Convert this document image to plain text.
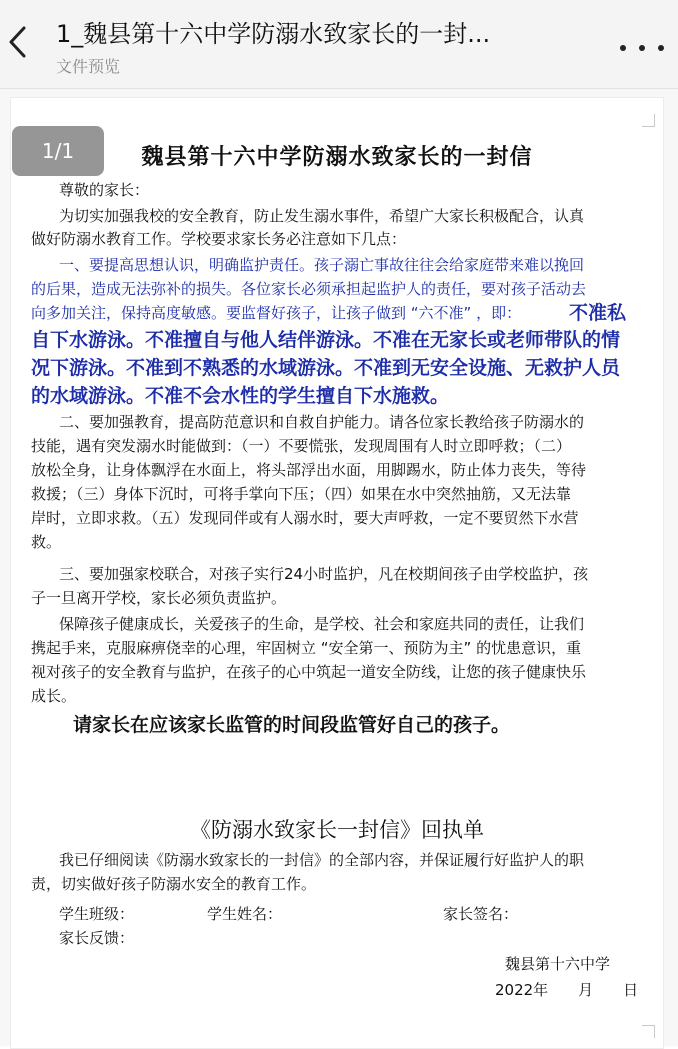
1_魏县第十六中学防溺水致家长的一封...
文件预览
1/1	魏县第十六中学防溺水致家长的一封信
尊敬的家长：
为切实加强我校的安全教育，防止发生溺水事件，希望广大家长积极配合，认真
做好防溺水教育工作。学校要求家长务必注意如下几点：
一、要提高思想认识，明确监护责任。孩子溺亡事故往往会给家庭带来难以挽回
的后果，造成无法弥补的损失。各位家长必须承担起监护人的责任，要对孩子活动去
向多加关注，保持高度敏感。要监督好孩子，让孩子做到 “六不准” ，即：	不准私
自下水游泳。不准擅自与他人结伴游泳。不准在无家长或老师带队的情
况下游泳。不准到不熟悉的水域游泳。不准到无安全设施、无救护人员
的水域游泳。不准不会水性的学生擅自下水施救。
二、要加强教育，提高防范意识和自救自护能力。请各位家长教给孩子防溺水的
技能，遇有突发溺水时能做到：（一）不要慌张，发现周围有人时立即呼救；（二）
放松全身，让身体飘浮在水面上，将头部浮出水面，用脚踢水，防止体力丧失，等待
救援；（三）身体下沉时，可将手掌向下压；（四）如果在水中突然抽筋，又无法靠
岸时，立即求救。（五）发现同伴或有人溺水时，要大声呼救，一定不要贸然下水营
救。
三、要加强家校联合，对孩子实行24小时监护，凡在校期间孩子由学校监护，孩
子一旦离开学校，家长必须负责监护。
保障孩子健康成长，关爱孩子的生命，是学校、社会和家庭共同的责任，让我们
携起手来，克服麻痹侥幸的心理，牢固树立 “安全第一、预防为主” 的忧患意识，重
视对孩子的安全教育与监护，在孩子的心中筑起一道安全防线，让您的孩子健康快乐
成长。
请家长在应该家长监管的时间段监管好自己的孩子。
《防溺水致家长一封信》回执单
我已仔细阅读《防溺水致家长的一封信》的全部内容，并保证履行好监护人的职
责，切实做好孩子防溺水安全的教育工作。
学生班级：	学生姓名：	家长签名：
家长反馈：
魏县第十六中学
2022年　　月　　日
